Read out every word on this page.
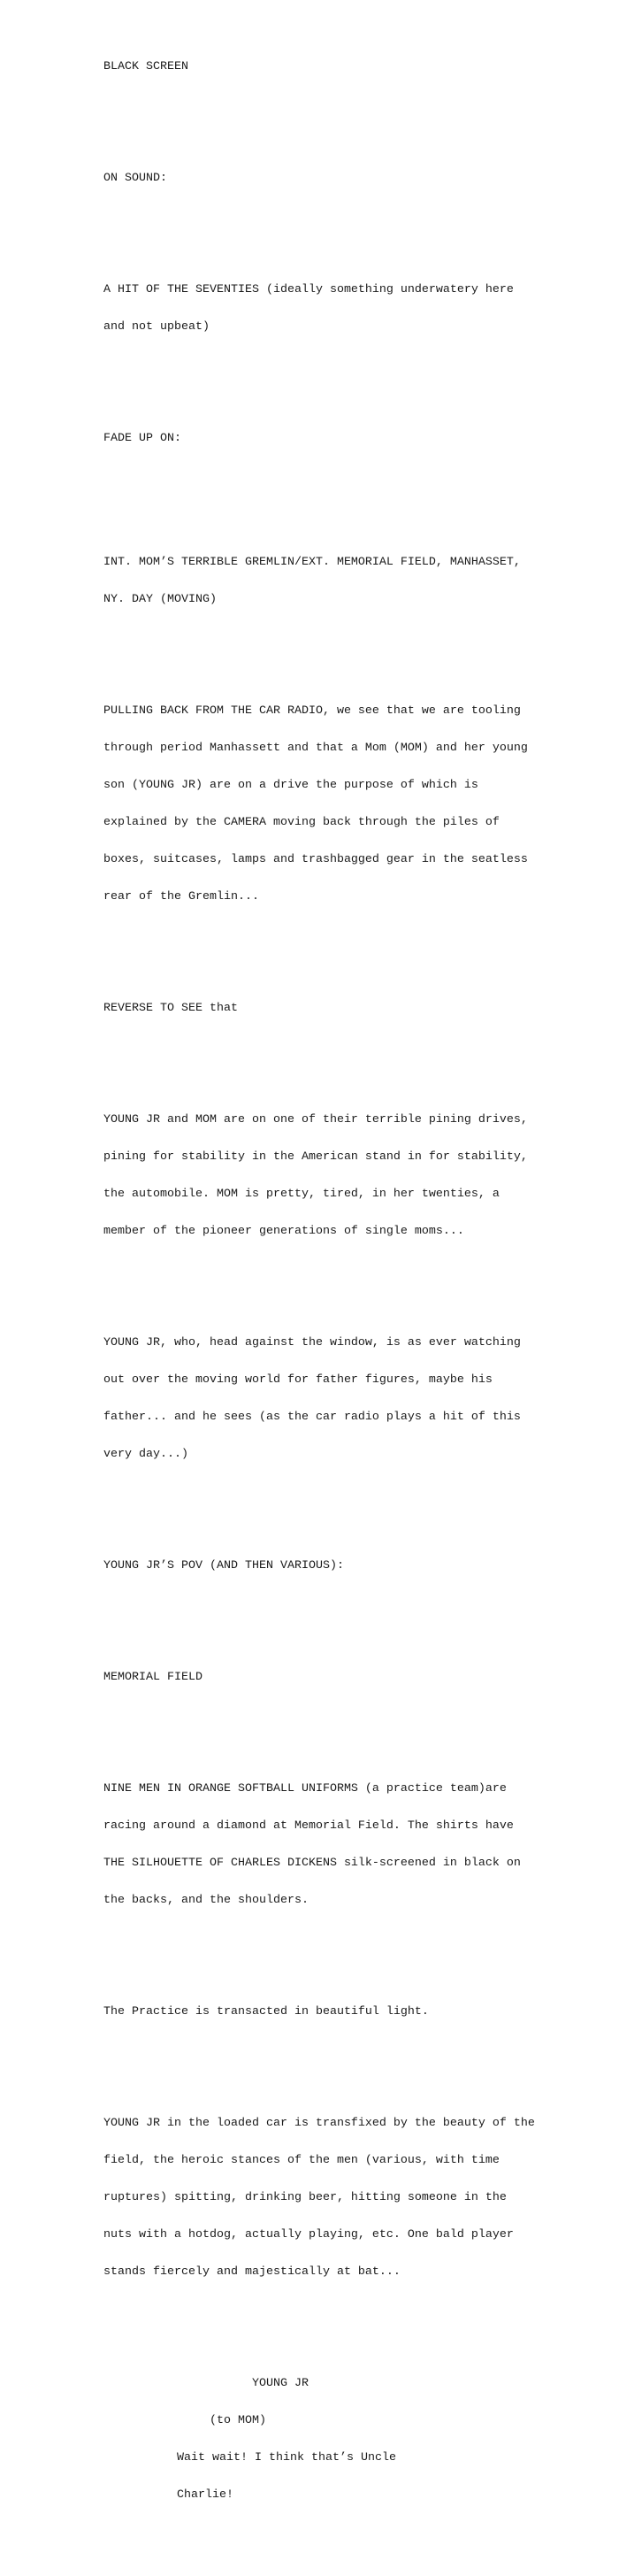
BLACK SCREEN

ON SOUND:

A HIT OF THE SEVENTIES (ideally something underwatery here

and not upbeat)

FADE UP ON:

INT. MOM’S TERRIBLE GREMLIN/EXT. MEMORIAL FIELD, MANHASSET,

NY. DAY (MOVING)

PULLING BACK FROM THE CAR RADIO, we see that we are tooling

through period Manhassett and that a Mom (MOM) and her young

son (YOUNG JR) are on a drive the purpose of which is

explained by the CAMERA moving back through the piles of

boxes, suitcases, lamps and trashbagged gear in the seatless

rear of the Gremlin...

REVERSE TO SEE that

YOUNG JR and MOM are on one of their terrible pining drives,

pining for stability in the American stand in for stability,

the automobile. MOM is pretty, tired, in her twenties, a

member of the pioneer generations of single moms...

YOUNG JR, who, head against the window, is as ever watching

out over the moving world for father figures, maybe his

father... and he sees (as the car radio plays a hit of this

very day...)

YOUNG JR’S POV (AND THEN VARIOUS):

MEMORIAL FIELD

NINE MEN IN ORANGE SOFTBALL UNIFORMS (a practice team)are

racing around a diamond at Memorial Field. The shirts have

THE SILHOUETTE OF CHARLES DICKENS silk-screened in black on

the backs, and the shoulders.

The Practice is transacted in beautiful light.

YOUNG JR in the loaded car is transfixed by the beauty of the

field, the heroic stances of the men (various, with time

ruptures) spitting, drinking beer, hitting someone in the

nuts with a hotdog, actually playing, etc. One bald player

stands fiercely and majestically at bat...

YOUNG JR

(to MOM)

Wait wait! I think that’s Uncle

Charlie!
